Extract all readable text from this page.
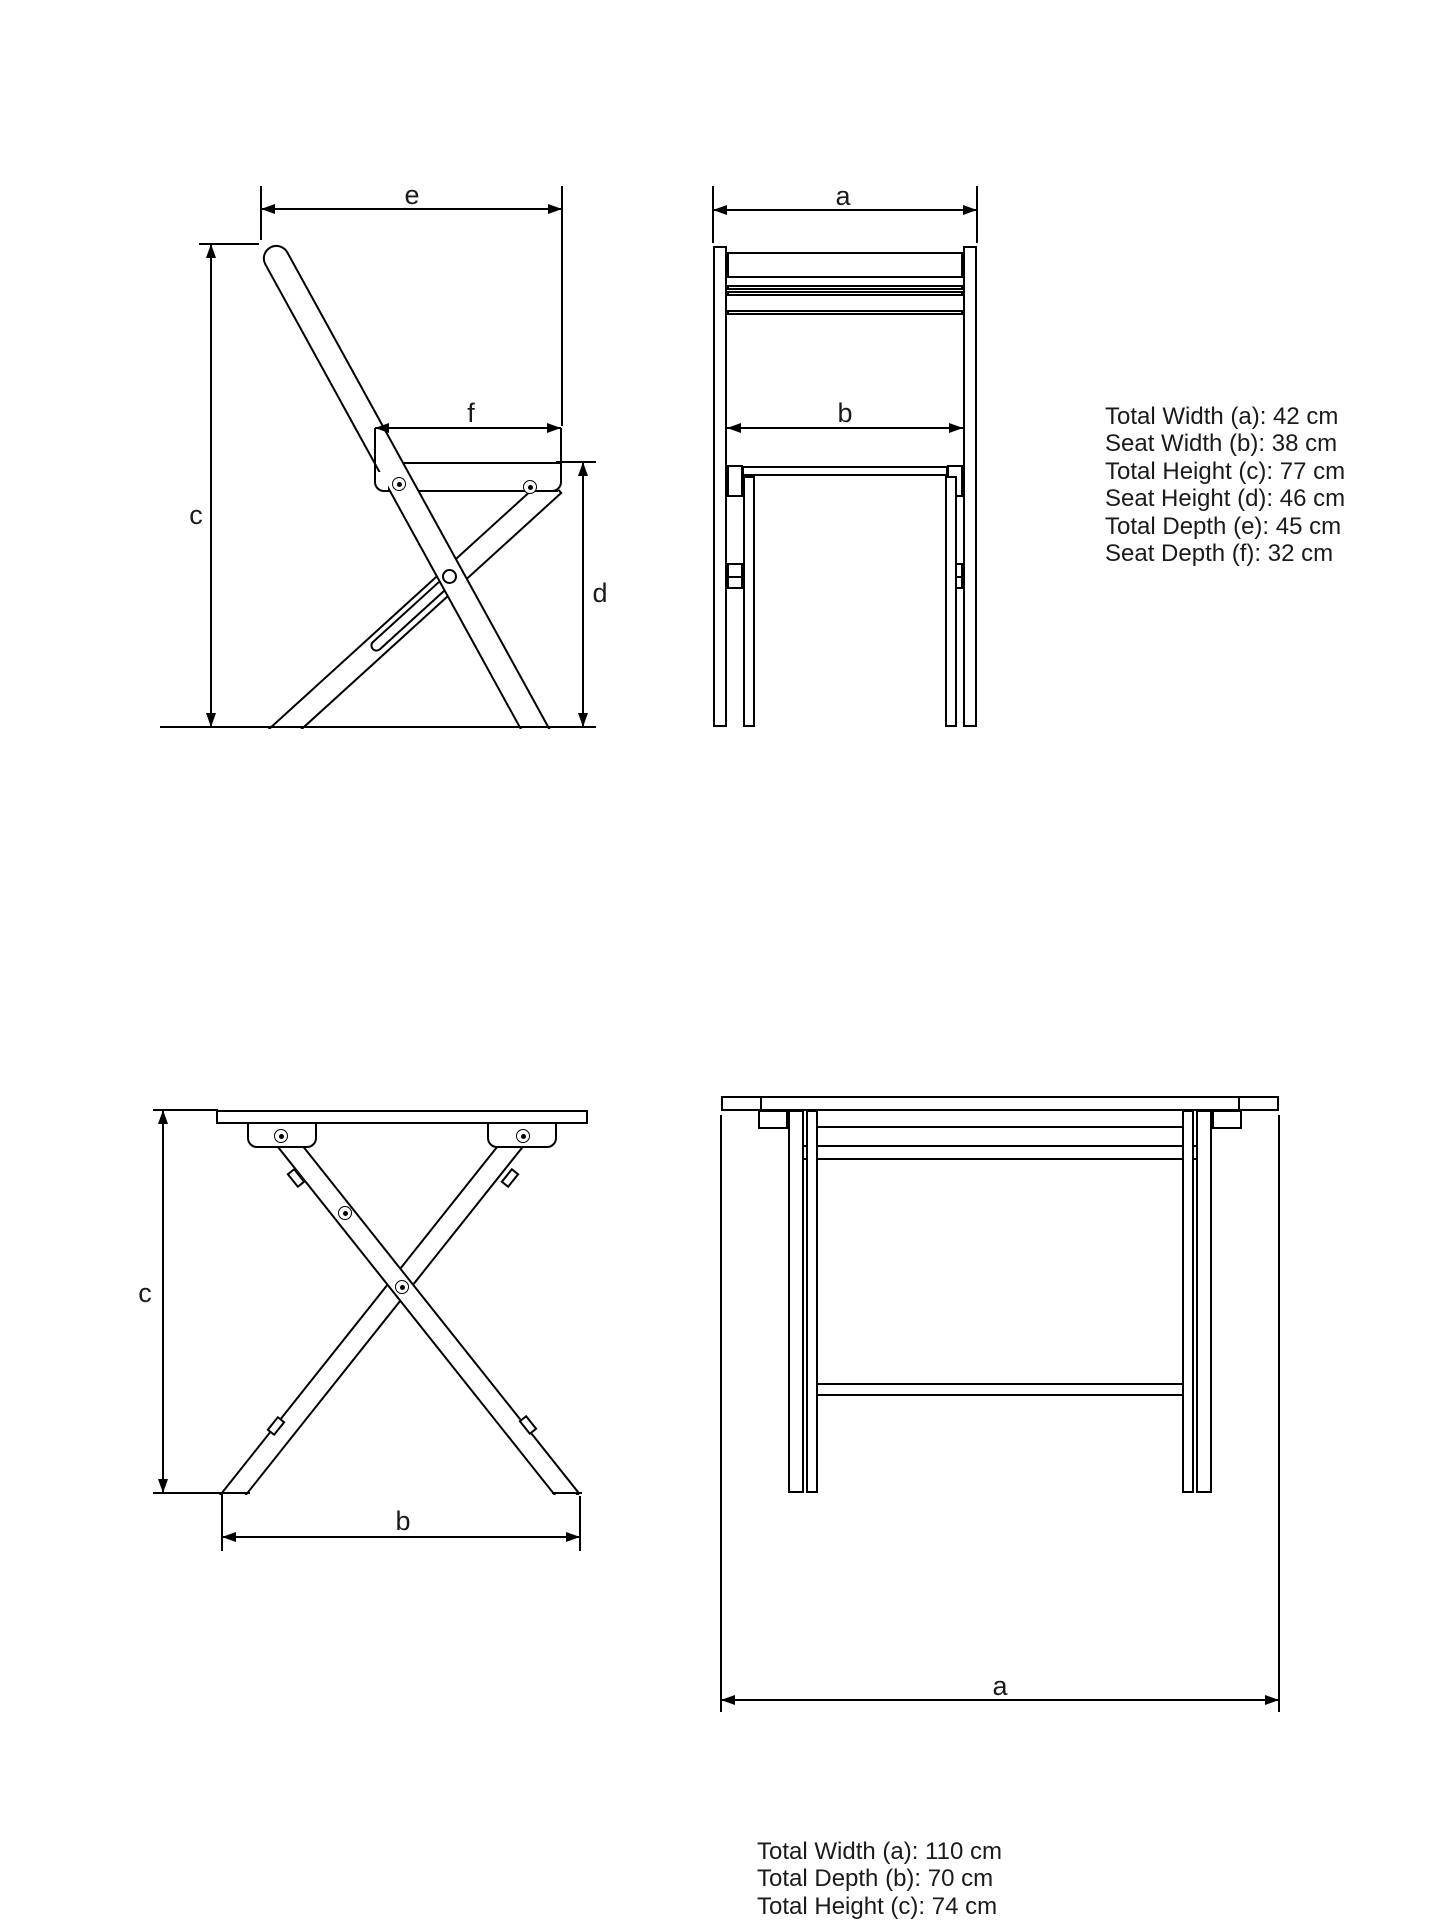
e
c
f
d
a
b	Total Width (a): 42 cm
Seat Width (b): 38 cm
Total Height (c): 77 cm
Seat Height (d): 46 cm
Total Depth (e): 45 cm
Seat Depth (f): 32 cm
c
b
a
Total Width (a): 110 cm
Total Depth (b): 70 cm
Total Height (c): 74 cm
